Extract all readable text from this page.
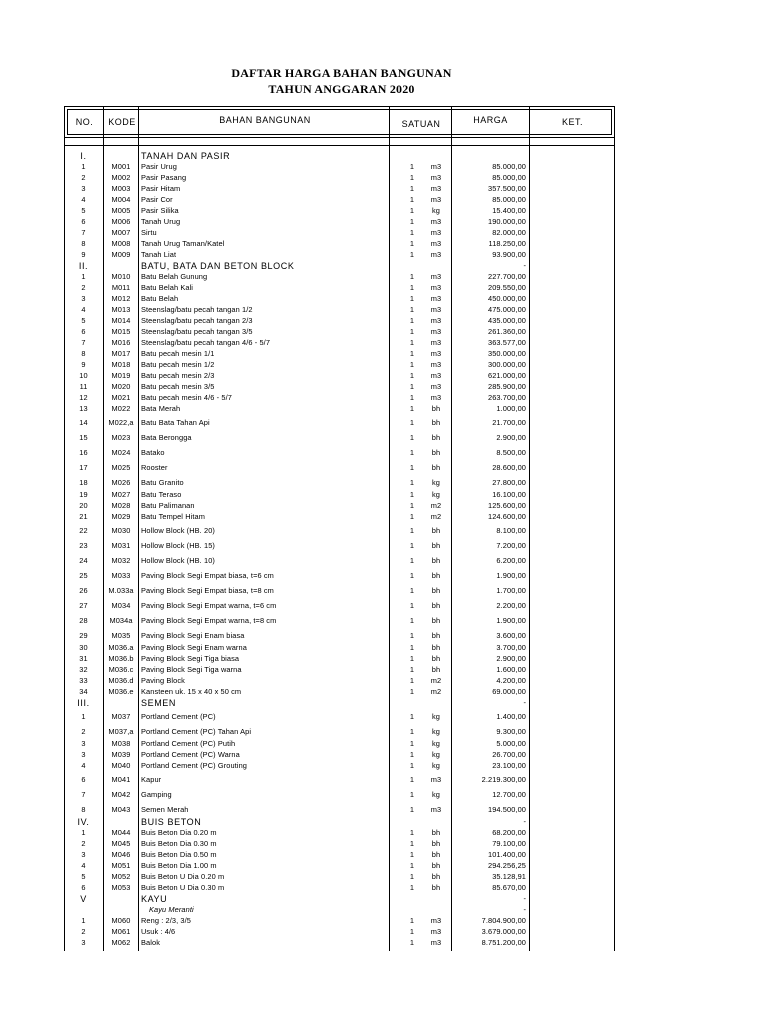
DAFTAR HARGA BAHAN BANGUNAN
TAHUN ANGGARAN 2020
NO.	KODE	BAHAN BANGUNAN	SATUAN	HARGA	KET.
I.	TANAH DAN PASIR
1	M001	Pasir Urug	1	m3	85.000,00
2	M002	Pasir Pasang	1	m3	85.000,00
3	M003	Pasir Hitam	1	m3	357.500,00
4	M004	Pasir Cor	1	m3	85.000,00
5	M005	Pasir Silika	1	kg	15.400,00
6	M006	Tanah Urug	1	m3	190.000,00
7	M007	Sirtu	1	m3	82.000,00
8	M008	Tanah Urug Taman/Katel	1	m3	118.250,00
9	M009	Tanah Liat	1	m3	93.900,00
II.	BATU, BATA DAN BETON BLOCK	-
1	M010	Batu Belah Gunung	1	m3	227.700,00
2	M011	Batu Belah Kali	1	m3	209.550,00
3	M012	Batu Belah	1	m3	450.000,00
4	M013	Steenslag/batu pecah tangan 1/2	1	m3	475.000,00
5	M014	Steenslag/batu pecah tangan 2/3	1	m3	435.000,00
6	M015	Steenslag/batu pecah tangan 3/5	1	m3	261.360,00
7	M016	Steenslag/batu pecah tangan 4/6 - 5/7	1	m3	363.577,00
8	M017	Batu pecah mesin 1/1	1	m3	350.000,00
9	M018	Batu pecah mesin 1/2	1	m3	300.000,00
10	M019	Batu pecah mesin 2/3	1	m3	621.000,00
11	M020	Batu pecah mesin 3/5	1	m3	285.900,00
12	M021	Batu pecah mesin 4/6 - 5/7	1	m3	263.700,00
13	M022	Bata Merah	1	bh	1.000,00
14	M022,a Batu Bata Tahan Api	1	bh	21.700,00
15	M023	Bata Berongga	1	bh	2.900,00
16	M024	Batako	1	bh	8.500,00
17	M025	Rooster	1	bh	28.600,00
18	M026	Batu Granito	1	kg	27.800,00
19	M027	Batu Teraso	1	kg	16.100,00
20	M028	Batu Palimanan	1	m2	125.600,00
21	M029	Batu Tempel Hitam	1	m2	124.600,00
22	M030	Hollow Block (HB. 20)	1	bh	8.100,00
23	M031	Hollow Block (HB. 15)	1	bh	7.200,00
24	M032	Hollow Block (HB. 10)	1	bh	6.200,00
25	M033	Paving Block Segi Empat biasa, t=6 cm	1	bh	1.900,00
26	M.033a Paving Block Segi Empat biasa, t=8 cm	1	bh	1.700,00
27	M034	Paving Block Segi Empat warna, t=6 cm	1	bh	2.200,00
28	M034a	Paving Block Segi Empat warna, t=8 cm	1	bh	1.900,00
29	M035	Paving Block Segi Enam biasa	1	bh	3.600,00
30	M036.a Paving Block Segi Enam warna	1	bh	3.700,00
31	M036.b Paving Block Segi Tiga biasa	1	bh	2.900,00
32	M036.c	Paving Block Segi Tiga warna	1	bh	1.600,00
33	M036.d Paving Block	1	m2	4.200,00
34	M036.e Kansteen uk. 15 x 40 x 50 cm	1	m2	69.000,00
III.	SEMEN	-
1	M037	Portland Cement (PC)	1	kg	1.400,00
2	M037,a Portland Cement (PC) Tahan Api	1	kg	9.300,00
3	M038	Portland Cement (PC) Putih	1	kg	5.000,00
3	M039	Portland Cement (PC) Warna	1	kg	26.700,00
4	M040	Portland Cement (PC) Grouting	1	kg	23.100,00
6	M041	Kapur	1	m3	2.219.300,00
7	M042	Gamping	1	kg	12.700,00
8	M043	Semen Merah	1	m3	194.500,00
IV.	BUIS BETON	-
1	M044	Buis Beton Dia 0.20 m	1	bh	68.200,00
2	M045	Buis Beton Dia 0.30 m	1	bh	79.100,00
3	M046	Buis Beton Dia 0.50 m	1	bh	101.400,00
4	M051	Buis Beton Dia 1.00 m	1	bh	294.256,25
5	M052	Buis Beton U Dia 0.20 m	1	bh	35.128,91
6	M053	Buis Beton U Dia 0.30 m	1	bh	85.670,00
V	KAYU	-
Kayu Meranti	-
1	M060	Reng : 2/3, 3/5	1	m3	7.804.900,00
2	M061	Usuk : 4/6	1	m3	3.679.000,00
3	M062	Balok	1	m3	8.751.200,00
